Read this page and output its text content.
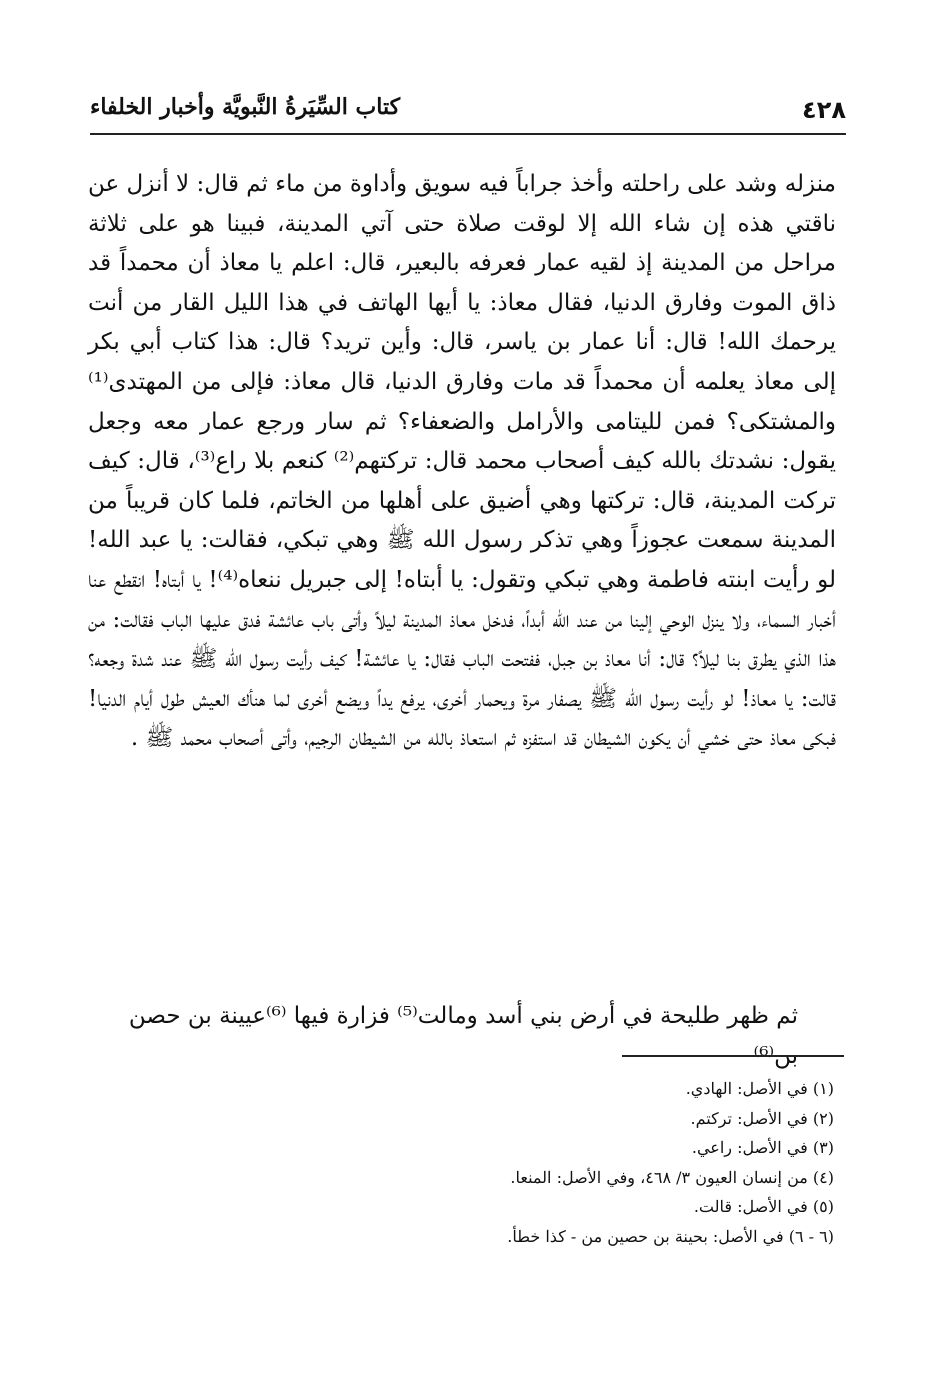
٤٢٨
كتاب السِّيَرةُ النَّبويَّة وأخبار الخلفاء

منزله وشد على راحلته وأخذ جراباً فيه سويق وأداوة من ماء ثم قال: لا أنزل عن ناقتي هذه إن شاء الله إلا لوقت صلاة حتى آتي المدينة، فبينا هو على ثلاثة مراحل من المدينة إذ لقيه عمار فعرفه بالبعير، قال: اعلم يا معاذ أن محمداً قد ذاق الموت وفارق الدنيا، فقال معاذ: يا أيها الهاتف في هذا الليل القار من أنت يرحمك الله! قال: أنا عمار بن ياسر، قال: وأين تريد؟ قال: هذا كتاب أبي بكر إلى معاذ يعلمه أن محمداً قد مات وفارق الدنيا، قال معاذ: فإلى من المهتدى⁽¹⁾ والمشتكى؟ فمن لليتامى والأرامل والضعفاء؟ ثم سار ورجع عمار معه وجعل يقول: نشدتك بالله كيف أصحاب محمد قال: تركتهم⁽²⁾ كنعم بلا راع⁽³⁾، قال: كيف تركت المدينة، قال: تركتها وهي أضيق على أهلها من الخاتم، فلما كان قريباً من المدينة سمعت عجوزاً وهي تذكر رسول الله ﷺ وهي تبكي، فقالت: يا عبد الله! لو رأيت ابنته فاطمة وهي تبكي وتقول: يا أبتاه! إلى جبريل ننعاه⁽⁴⁾! يا أبتاه! انقطع عنا أخبار السماء، ولا ينزل الوحي إلينا من عند الله أبداً، فدخل معاذ المدينة ليلاً وأتى باب عائشة فدق عليها الباب فقالت: من هذا الذي يطرق بنا ليلاً؟ قال: أنا معاذ بن جبل، ففتحت الباب فقال: يا عائشة! كيف رأيت رسول الله ﷺ عند شدة وجعه؟ قالت: يا معاذ! لو رأيت رسول الله ﷺ يصفار مرة ويحمار أخرى، يرفع يداً ويضع أخرى لما هنأك العيش طول أيام الدنيا! فبكى معاذ حتى خشي أن يكون الشيطان قد استفزه ثم استعاذ بالله من الشيطان الرجيم، وأتى أصحاب محمد ﷺ .

ثم ظهر طليحة في أرض بني أسد ومالت⁽⁵⁾ فزارة فيها ⁽⁶⁾عيينة بن حصن بن⁽⁶⁾

(١) في الأصل: الهادي.
(٢) في الأصل: تركتم.
(٣) في الأصل: راعي.
(٤) من إنسان العيون ٣/ ٤٦٨، وفي الأصل: المنعا.
(٥) في الأصل: قالت.
(٦ - ٦) في الأصل: بحينة بن حصين من - كذا خطأ.
